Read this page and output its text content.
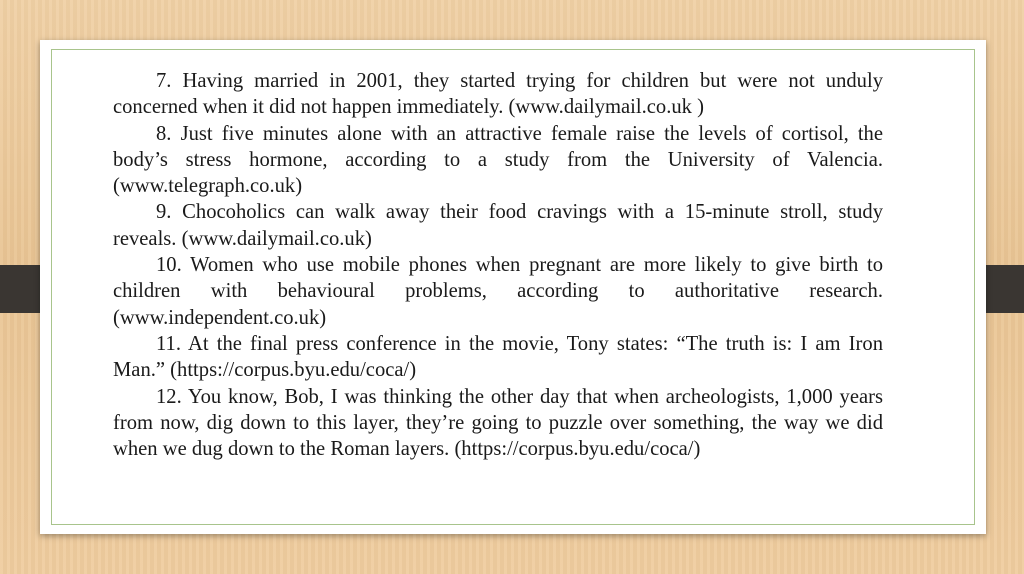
7. Having married in 2001, they started trying for children but were not unduly concerned when it did not happen immediately. (www.dailymail.co.uk )

8. Just five minutes alone with an attractive female raise the levels of cortisol, the body’s stress hormone, according to a study from the University of Valencia. (www.telegraph.co.uk)

9. Chocoholics can walk away their food cravings with a 15-minute stroll, study reveals. (www.dailymail.co.uk)

10. Women who use mobile phones when pregnant are more likely to give birth to children with behavioural problems, according to authoritative research. (www.independent.co.uk)

11. At the final press conference in the movie, Tony states: “The truth is: I am Iron Man.” (https://corpus.byu.edu/coca/)

12. You know, Bob, I was thinking the other day that when archeologists, 1,000 years from now, dig down to this layer, they’re going to puzzle over something, the way we did when we dug down to the Roman layers. (https://corpus.byu.edu/coca/)
